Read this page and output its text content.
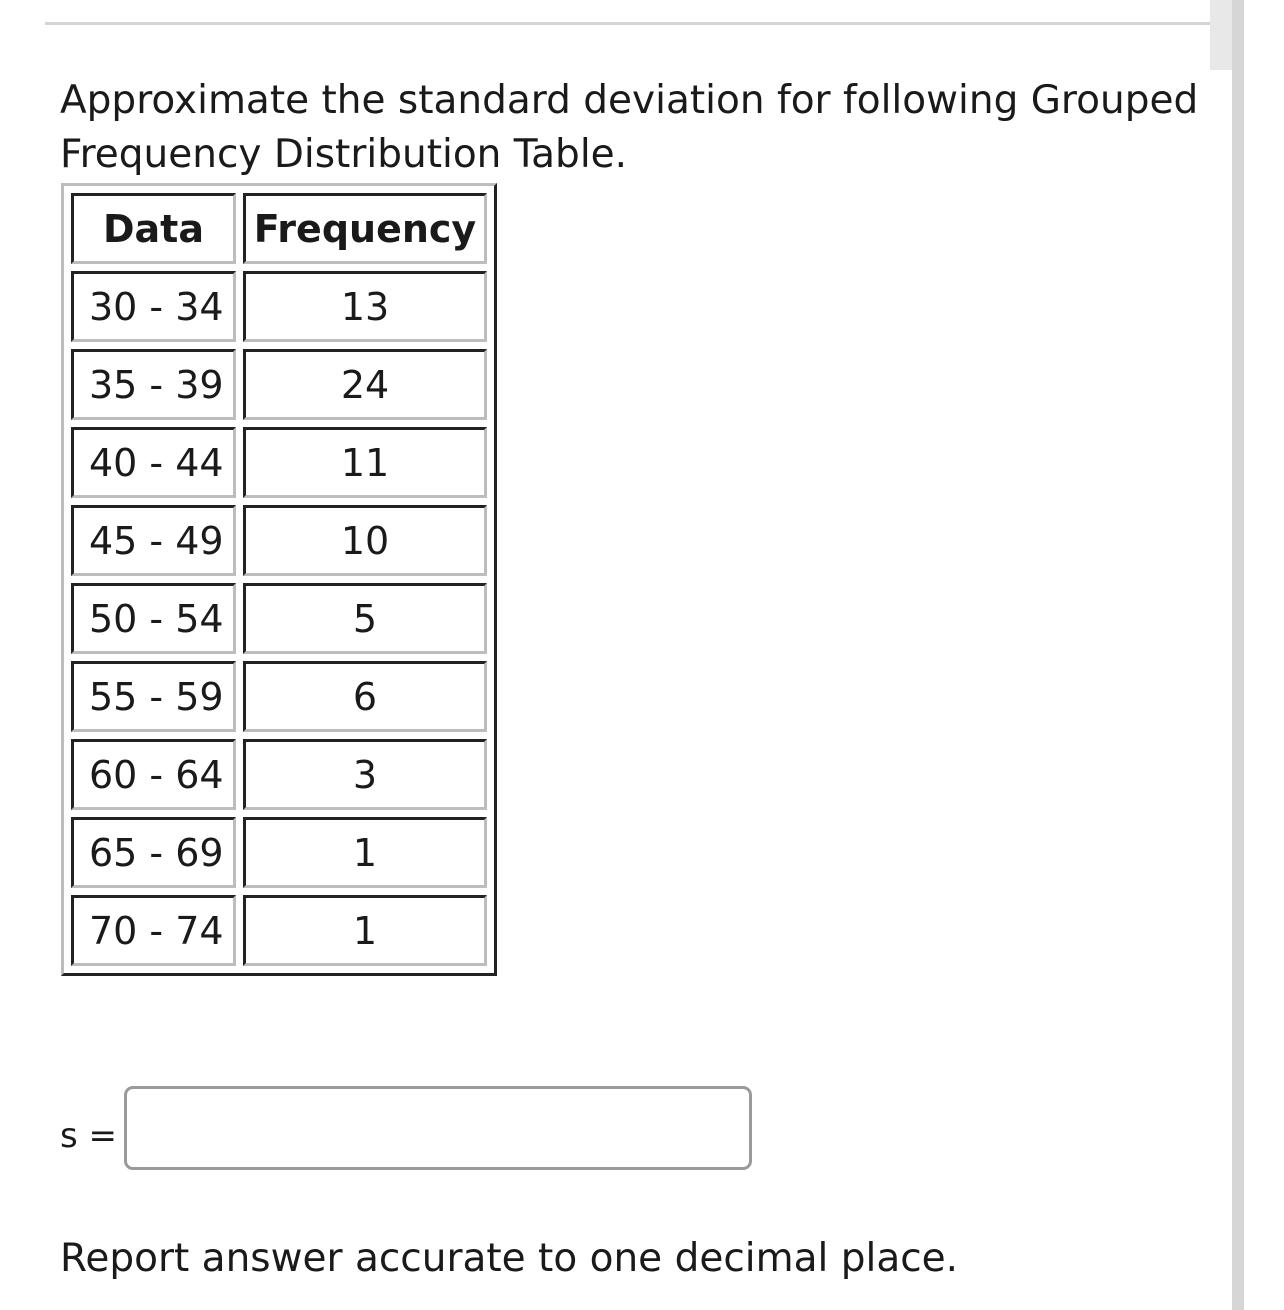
Approximate the standard deviation for following Grouped Frequency Distribution Table.

Data	Frequency
30 - 34	13
35 - 39	24
40 - 44	11
45 - 49	10
50 - 54	5
55 - 59	6
60 - 64	3
65 - 69	1
70 - 74	1
s =
Report answer accurate to one decimal place.
